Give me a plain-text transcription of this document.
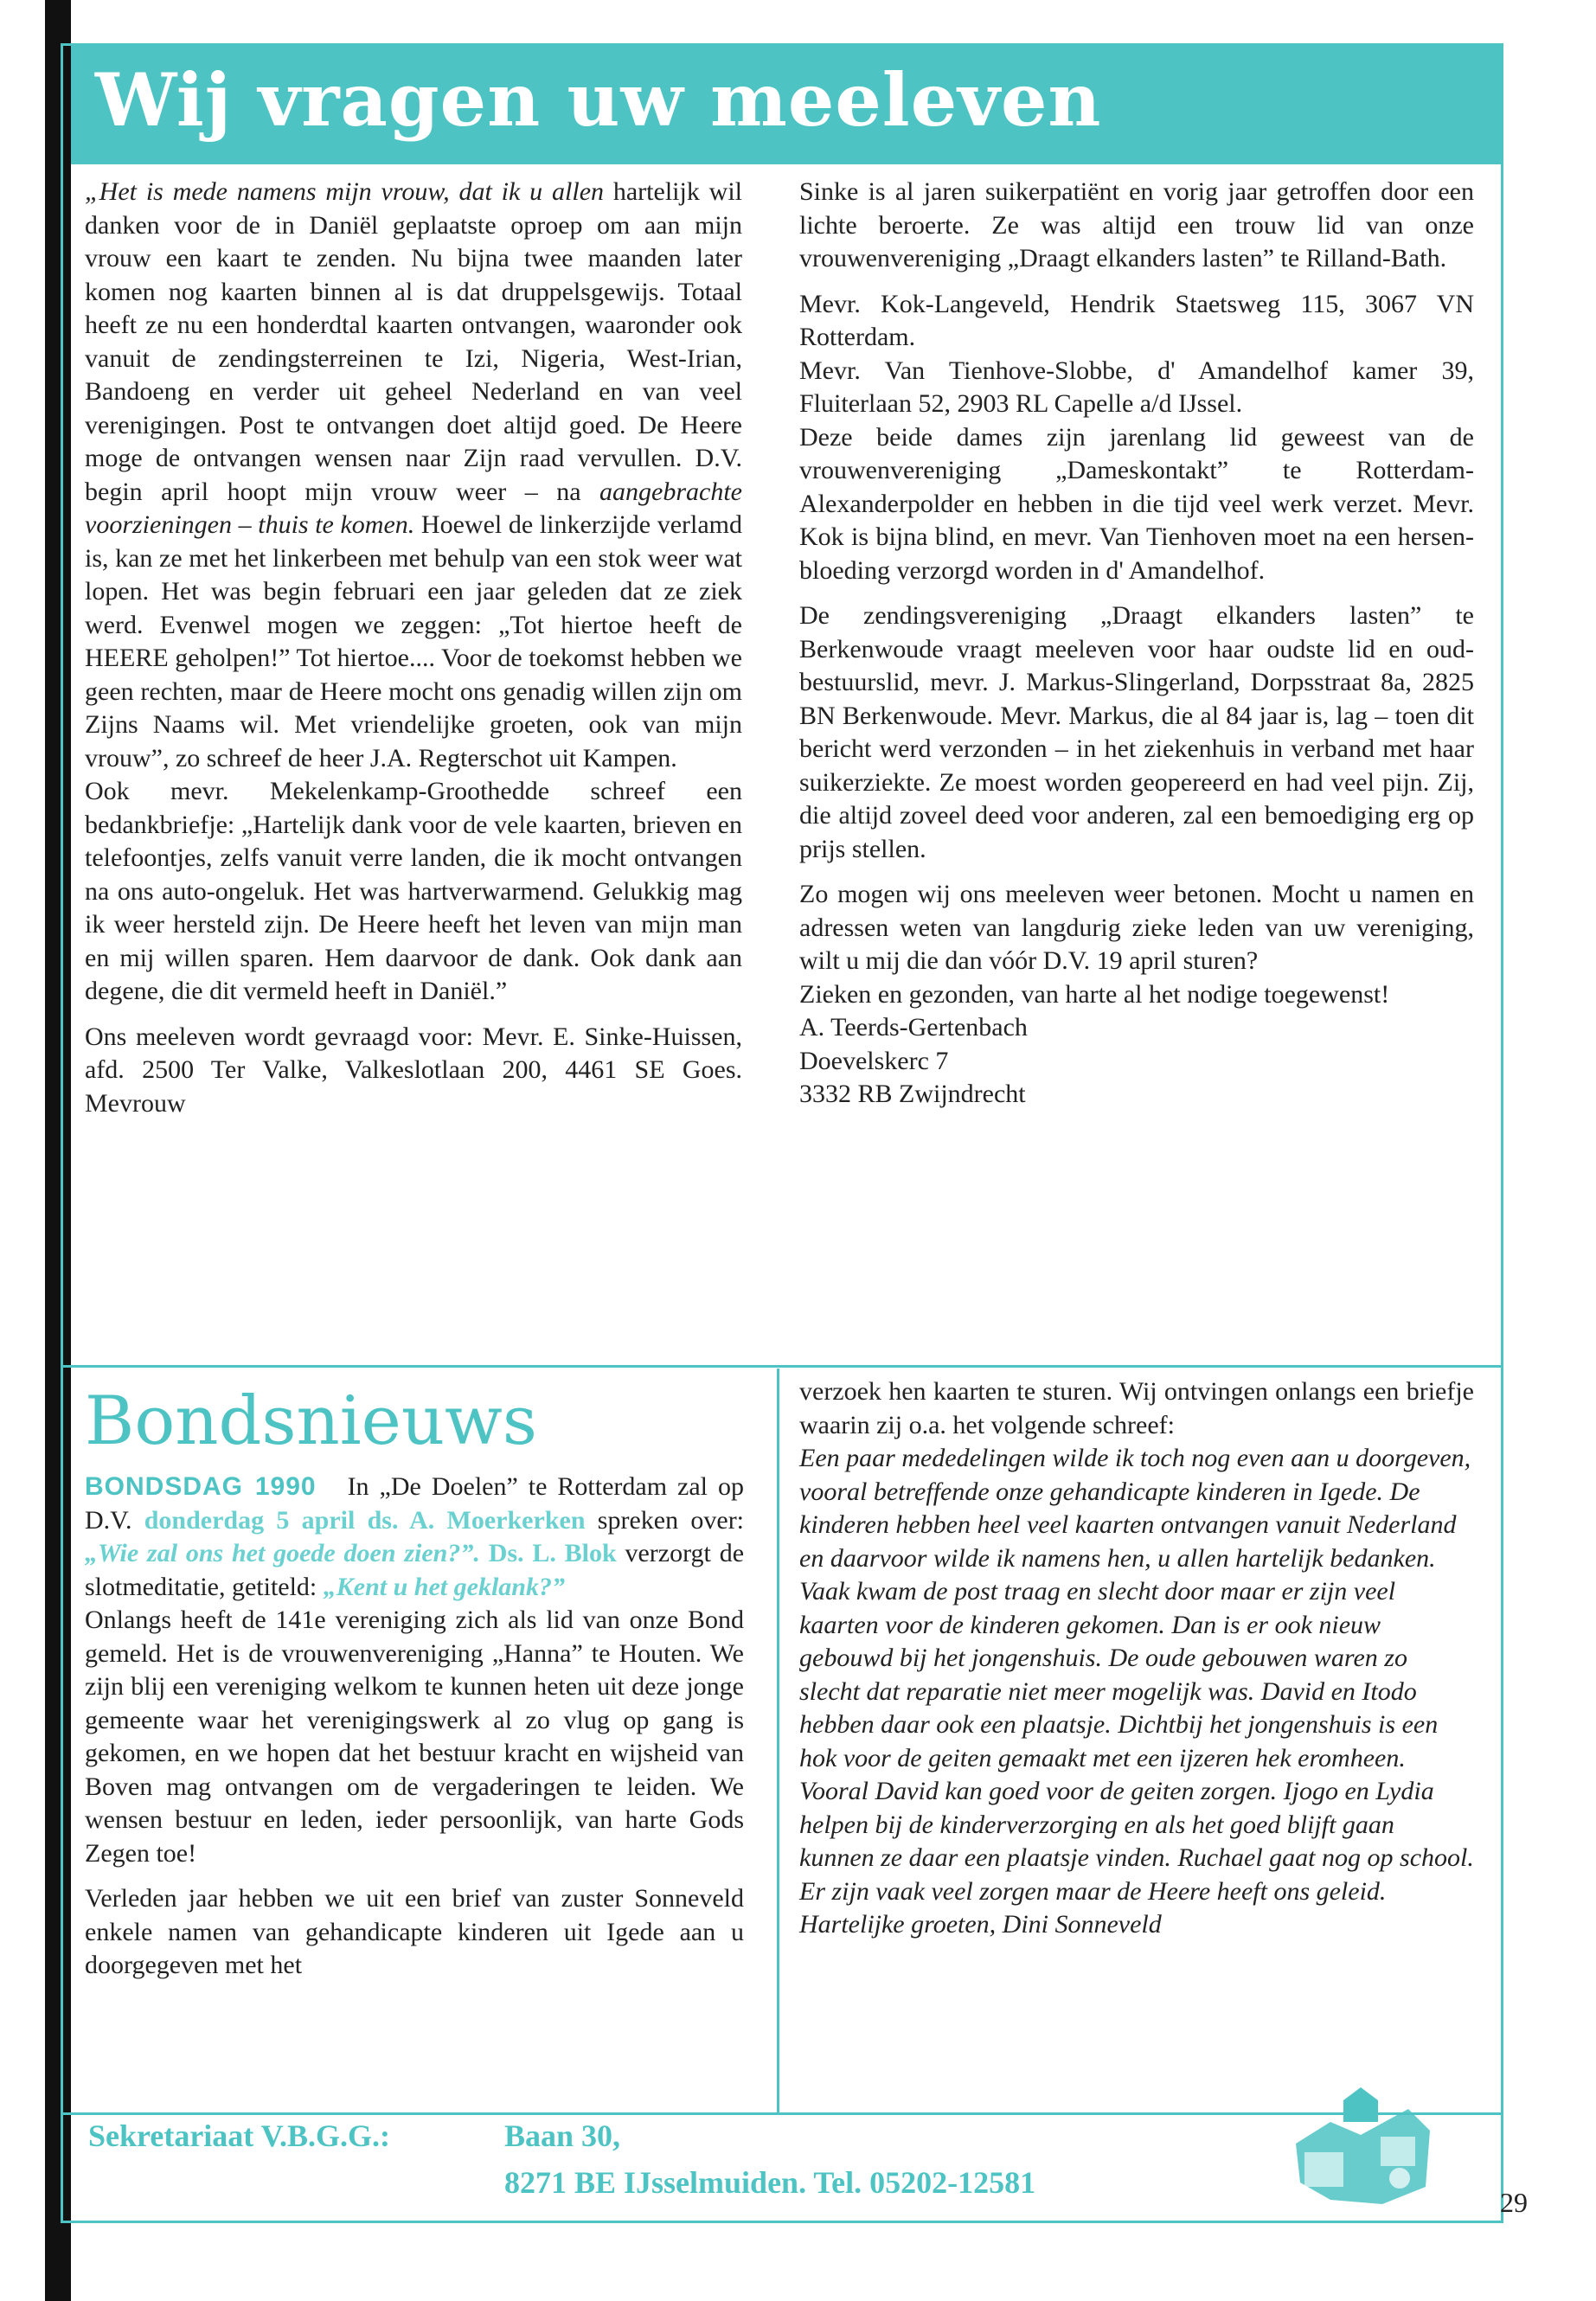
Wij vragen uw meeleven

„Het is mede namens mijn vrouw, dat ik u allen hartelijk wil danken voor de in Daniël geplaatste oproep om aan mijn vrouw een kaart te zenden. Nu bijna twee maanden later komen nog kaarten binnen al is dat druppelsgewijs. Totaal heeft ze nu een honderdtal kaarten ontvangen, waaronder ook vanuit de zendingsterreinen te Izi, Nigeria, West-Irian, Bandoeng en verder uit geheel Nederland en van veel verenigingen. Post te ontvangen doet altijd goed. De Heere moge de ontvangen wensen naar Zijn raad vervullen. D.V. begin april hoopt mijn vrouw weer – na aangebrachte voorzieningen – thuis te komen. Hoewel de linkerzijde verlamd is, kan ze met het linkerbeen met behulp van een stok weer wat lopen. Het was begin februari een jaar geleden dat ze ziek werd. Evenwel mogen we zeggen: „Tot hiertoe heeft de HEERE geholpen!” Tot hiertoe.... Voor de toekomst hebben we geen rechten, maar de Heere mocht ons genadig willen zijn om Zijns Naams wil. Met vriendelijke groeten, ook van mijn vrouw”, zo schreef de heer J.A. Regterschot uit Kampen.

Ook mevr. Mekelenkamp-Groothedde schreef een bedankbriefje: „Hartelijk dank voor de vele kaarten, brieven en telefoontjes, zelfs vanuit verre landen, die ik mocht ontvangen na ons auto-ongeluk. Het was hartverwarmend. Gelukkig mag ik weer hersteld zijn. De Heere heeft het leven van mijn man en mij willen sparen. Hem daarvoor de dank. Ook dank aan degene, die dit vermeld heeft in Daniël.”

Ons meeleven wordt gevraagd voor: Mevr. E. Sinke-Huissen, afd. 2500 Ter Valke, Valkeslotlaan 200, 4461 SE Goes. Mevrouw

Sinke is al jaren suikerpatiënt en vorig jaar getroffen door een lichte beroerte. Ze was altijd een trouw lid van onze vrouwenvereniging „Draagt elkanders lasten” te Rilland-Bath.

Mevr. Kok-Langeveld, Hendrik Staetsweg 115, 3067 VN Rotterdam.

Mevr. Van Tienhove-Slobbe, d' Amandelhof kamer 39, Fluiterlaan 52, 2903 RL Capelle a/d IJssel.

Deze beide dames zijn jarenlang lid geweest van de vrouwenvereniging „Dameskontakt” te Rotterdam-Alexanderpolder en hebben in die tijd veel werk verzet. Mevr. Kok is bijna blind, en mevr. Van Tienhoven moet na een hersen-bloeding verzorgd worden in d' Amandelhof.

De zendingsvereniging „Draagt elkanders lasten” te Berkenwoude vraagt meeleven voor haar oudste lid en oud-bestuurslid, mevr. J. Markus-Slingerland, Dorpsstraat 8a, 2825 BN Berkenwoude. Mevr. Markus, die al 84 jaar is, lag – toen dit bericht werd verzonden – in het ziekenhuis in verband met haar suikerziekte. Ze moest worden geopereerd en had veel pijn. Zij, die altijd zoveel deed voor anderen, zal een bemoediging erg op prijs stellen.

Zo mogen wij ons meeleven weer betonen. Mocht u namen en adressen weten van langdurig zieke leden van uw vereniging, wilt u mij die dan vóór D.V. 19 april sturen?

Zieken en gezonden, van harte al het nodige toegewenst!

A. Teerds-Gertenbach

Doevelskerc 7

3332 RB Zwijndrecht

Bondsnieuws

BONDSDAG 1990 In „De Doelen” te Rotterdam zal op D.V. donderdag 5 april ds. A. Moerkerken spreken over: „Wie zal ons het goede doen zien?”. Ds. L. Blok verzorgt de slotmeditatie, getiteld: „Kent u het geklank?”

Onlangs heeft de 141e vereniging zich als lid van onze Bond gemeld. Het is de vrouwenvereniging „Hanna” te Houten. We zijn blij een vereniging welkom te kunnen heten uit deze jonge gemeente waar het verenigingswerk al zo vlug op gang is gekomen, en we hopen dat het bestuur kracht en wijsheid van Boven mag ontvangen om de vergaderingen te leiden. We wensen bestuur en leden, ieder persoonlijk, van harte Gods Zegen toe!

Verleden jaar hebben we uit een brief van zuster Sonneveld enkele namen van gehandicapte kinderen uit Igede aan u doorgegeven met het

verzoek hen kaarten te sturen. Wij ontvingen onlangs een briefje waarin zij o.a. het volgende schreef:

Een paar mededelingen wilde ik toch nog even aan u doorgeven, vooral betreffende onze gehandicapte kinderen in Igede. De kinderen hebben heel veel kaarten ontvangen vanuit Nederland en daarvoor wilde ik namens hen, u allen hartelijk bedanken. Vaak kwam de post traag en slecht door maar er zijn veel kaarten voor de kinderen gekomen. Dan is er ook nieuw gebouwd bij het jongenshuis. De oude gebouwen waren zo slecht dat reparatie niet meer mogelijk was. David en Itodo hebben daar ook een plaatsje. Dichtbij het jongenshuis is een hok voor de geiten gemaakt met een ijzeren hek eromheen. Vooral David kan goed voor de geiten zorgen. Ijogo en Lydia helpen bij de kinderverzorging en als het goed blijft gaan kunnen ze daar een plaatsje vinden. Ruchael gaat nog op school. Er zijn vaak veel zorgen maar de Heere heeft ons geleid.

Hartelijke groeten, Dini Sonneveld

Sekretariaat V.B.G.G.:	Baan 30,
8271 BE IJsselmuiden. Tel. 05202-12581
29
